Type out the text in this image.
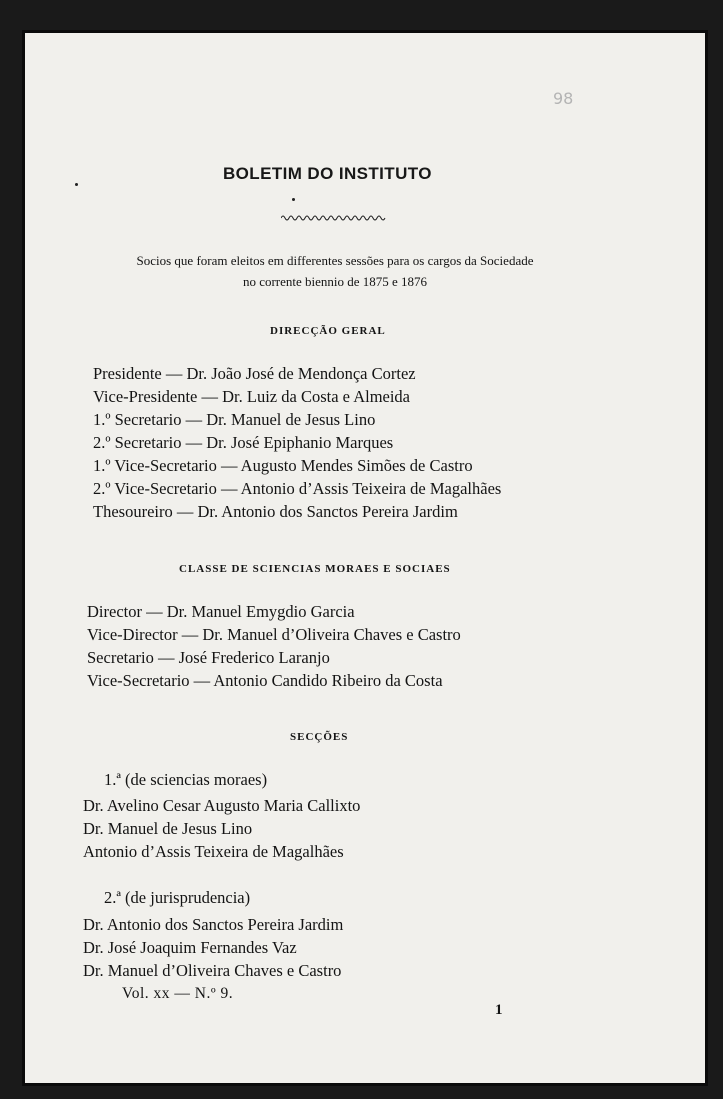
98
BOLETIM DO INSTITUTO
Socios que foram eleitos em differentes sessões para os cargos da Sociedade
no corrente biennio de 1875 e 1876
DIRECÇÃO GERAL
Presidente — Dr. João José de Mendonça Cortez
Vice-Presidente — Dr. Luiz da Costa e Almeida
1.º Secretario — Dr. Manuel de Jesus Lino
2.º Secretario — Dr. José Epiphanio Marques
1.º Vice-Secretario — Augusto Mendes Simões de Castro
2.º Vice-Secretario — Antonio d’Assis Teixeira de Magalhães
Thesoureiro — Dr. Antonio dos Sanctos Pereira Jardim
CLASSE DE SCIENCIAS MORAES E SOCIAES
Director — Dr. Manuel Emygdio Garcia
Vice-Director — Dr. Manuel d’Oliveira Chaves e Castro
Secretario — José Frederico Laranjo
Vice-Secretario — Antonio Candido Ribeiro da Costa
SECÇÕES
1.ª (de sciencias moraes)
Dr. Avelino Cesar Augusto Maria Callixto
Dr. Manuel de Jesus Lino
Antonio d’Assis Teixeira de Magalhães
2.ª (de jurisprudencia)
Dr. Antonio dos Sanctos Pereira Jardim
Dr. José Joaquim Fernandes Vaz
Dr. Manuel d’Oliveira Chaves e Castro
Vol. xx — N.º 9.
1
